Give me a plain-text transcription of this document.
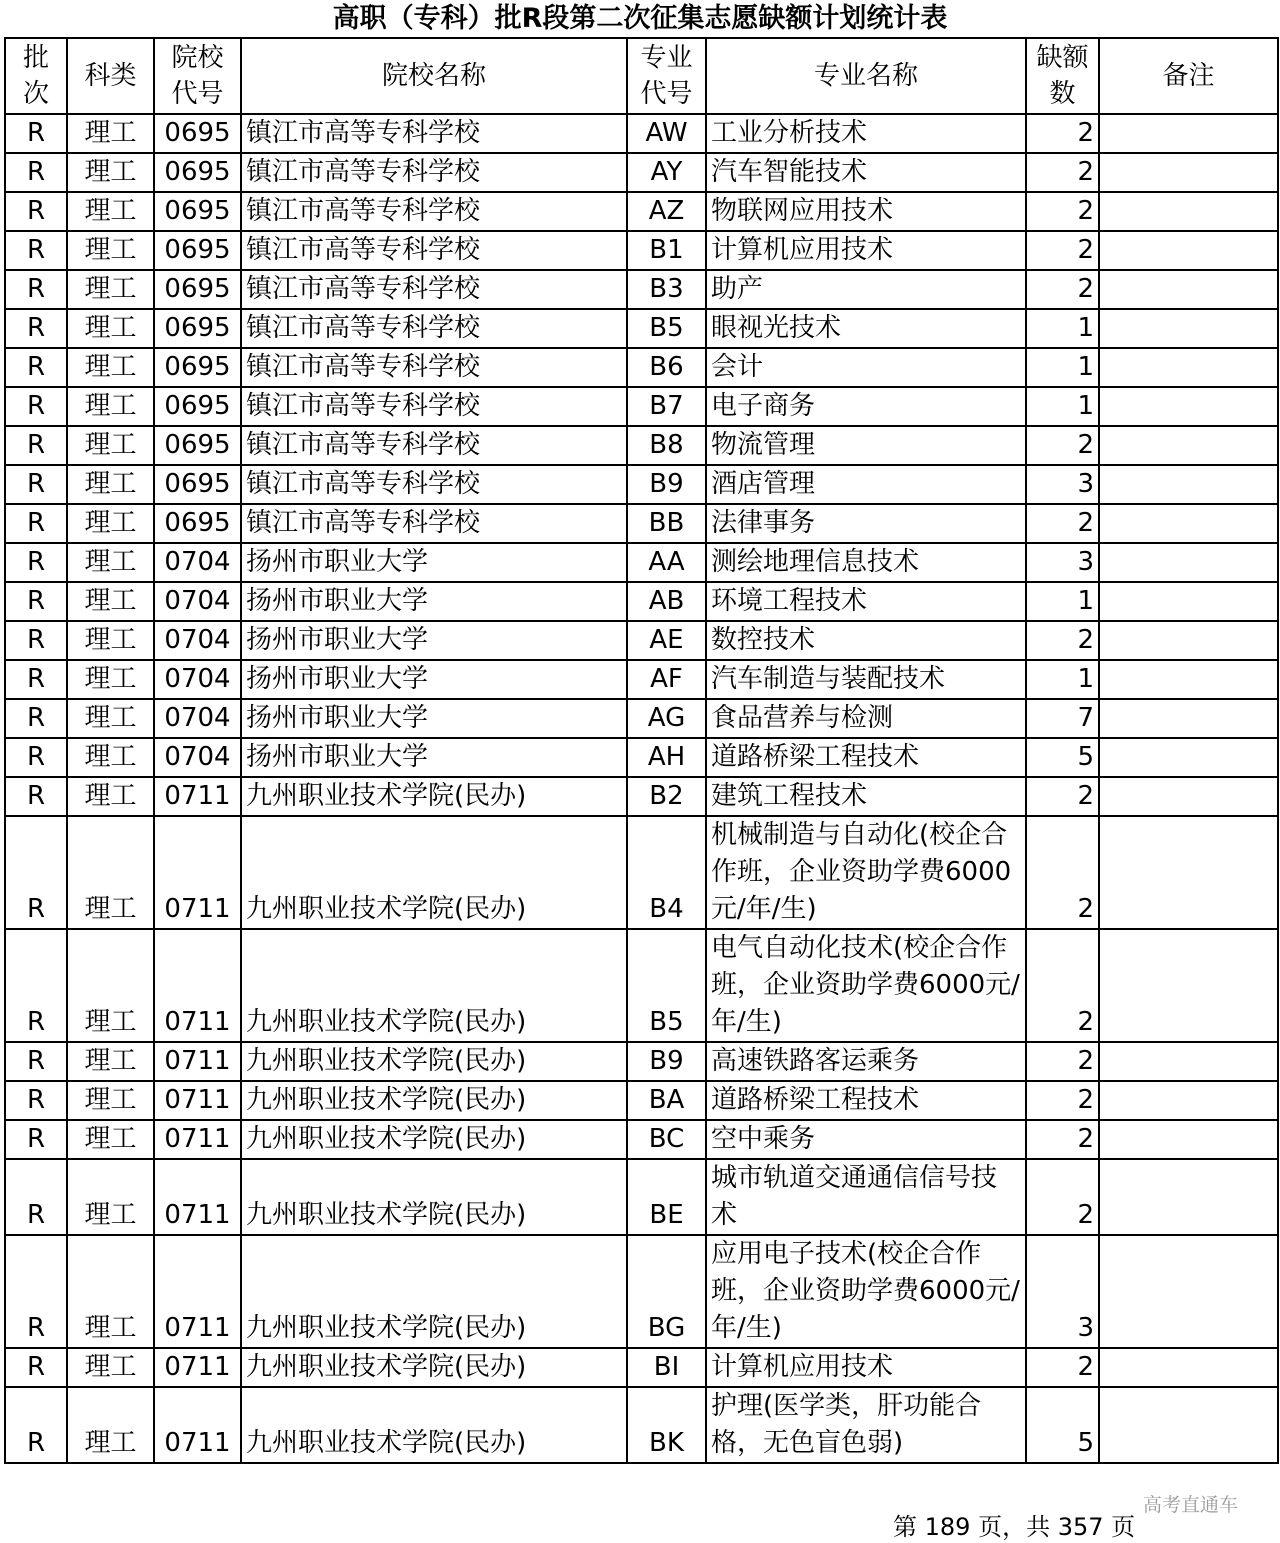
高职（专科）批R段第二次征集志愿缺额计划统计表
批次	科类	院校代号	院校名称	专业代号	专业名称	缺额数	备注
R	理工	0695	镇江市高等专科学校	AW	工业分析技术	2	
R	理工	0695	镇江市高等专科学校	AY	汽车智能技术	2	
R	理工	0695	镇江市高等专科学校	AZ	物联网应用技术	2	
R	理工	0695	镇江市高等专科学校	B1	计算机应用技术	2	
R	理工	0695	镇江市高等专科学校	B3	助产	2	
R	理工	0695	镇江市高等专科学校	B5	眼视光技术	1	
R	理工	0695	镇江市高等专科学校	B6	会计	1	
R	理工	0695	镇江市高等专科学校	B7	电子商务	1	
R	理工	0695	镇江市高等专科学校	B8	物流管理	2	
R	理工	0695	镇江市高等专科学校	B9	酒店管理	3	
R	理工	0695	镇江市高等专科学校	BB	法律事务	2	
R	理工	0704	扬州市职业大学	AA	测绘地理信息技术	3	
R	理工	0704	扬州市职业大学	AB	环境工程技术	1	
R	理工	0704	扬州市职业大学	AE	数控技术	2	
R	理工	0704	扬州市职业大学	AF	汽车制造与装配技术	1	
R	理工	0704	扬州市职业大学	AG	食品营养与检测	7	
R	理工	0704	扬州市职业大学	AH	道路桥梁工程技术	5	
R	理工	0711	九州职业技术学院(民办)	B2	建筑工程技术	2	
R	理工	0711	九州职业技术学院(民办)	B4	机械制造与自动化(校企合作班，企业资助学费6000元/年/生)	2	
R	理工	0711	九州职业技术学院(民办)	B5	电气自动化技术(校企合作班，企业资助学费6000元/年/生)	2	
R	理工	0711	九州职业技术学院(民办)	B9	高速铁路客运乘务	2	
R	理工	0711	九州职业技术学院(民办)	BA	道路桥梁工程技术	2	
R	理工	0711	九州职业技术学院(民办)	BC	空中乘务	2	
R	理工	0711	九州职业技术学院(民办)	BE	城市轨道交通通信信号技术	2	
R	理工	0711	九州职业技术学院(民办)	BG	应用电子技术(校企合作班，企业资助学费6000元/年/生)	3	
R	理工	0711	九州职业技术学院(民办)	BI	计算机应用技术	2	
R	理工	0711	九州职业技术学院(民办)	BK	护理(医学类，肝功能合格，无色盲色弱)	5	
高考直通车
第 189 页，共 357 页
